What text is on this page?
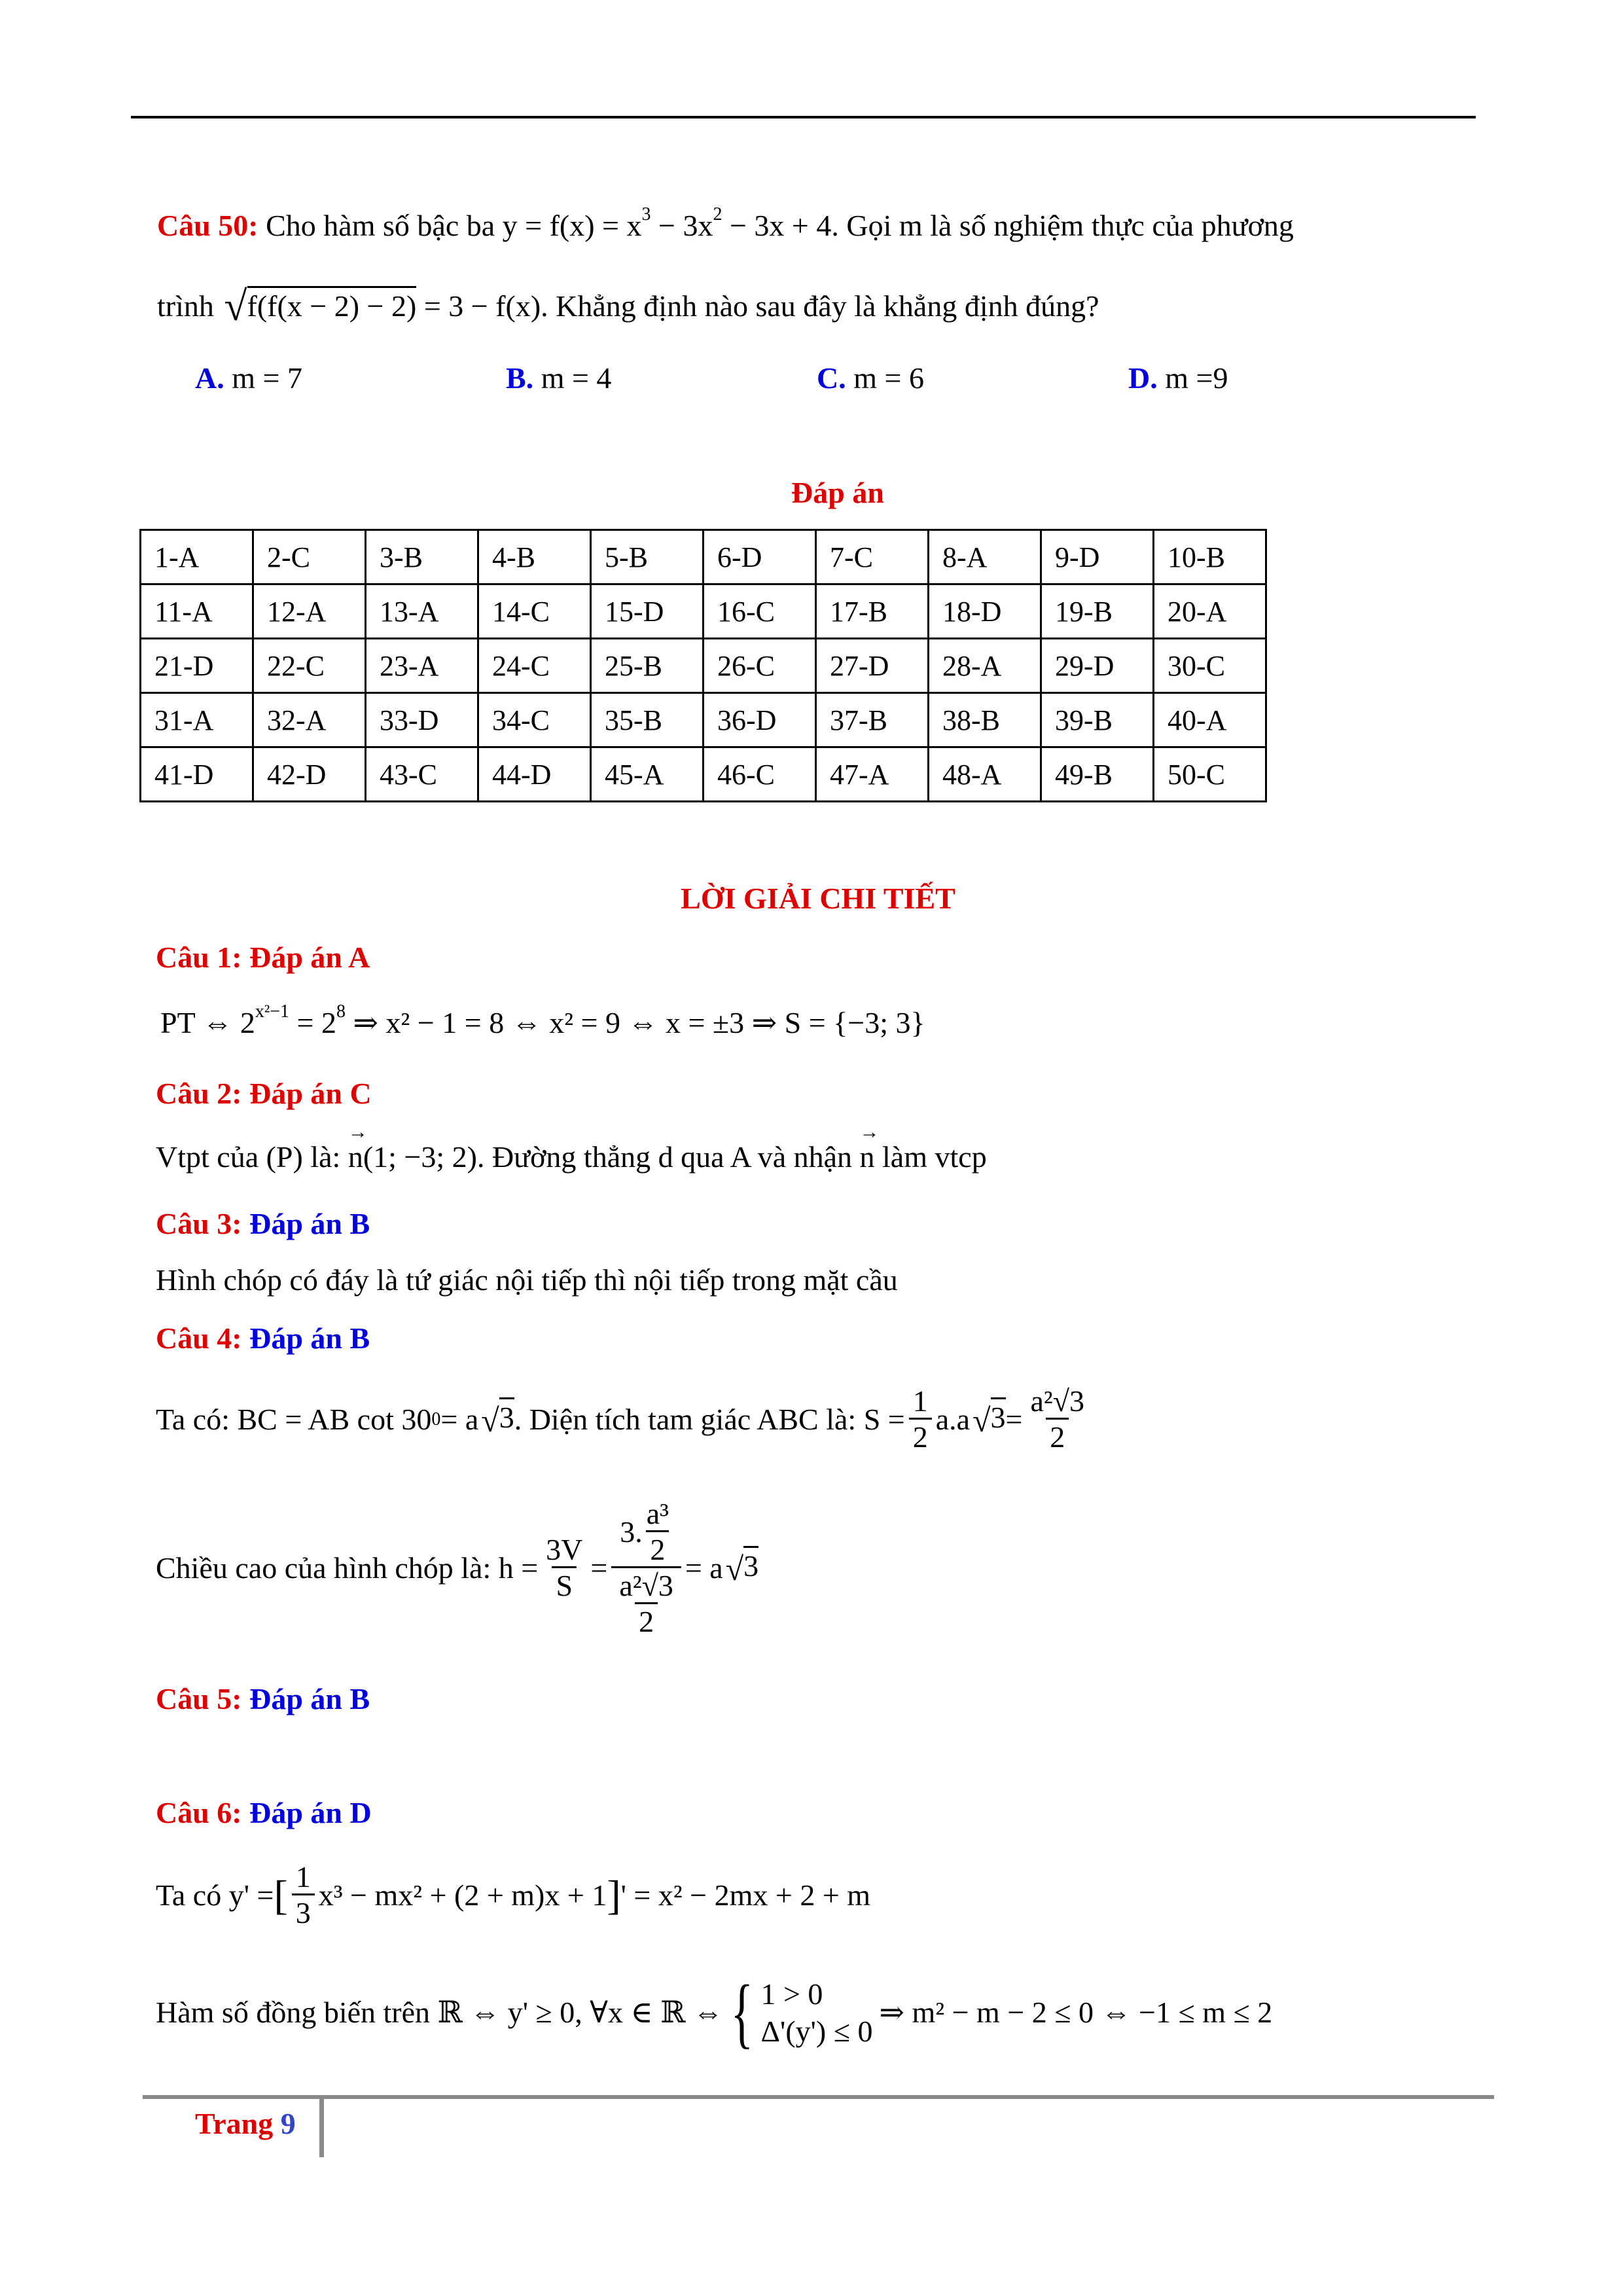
Câu 50: Cho hàm số bậc ba $y = f(x) = x^3 - 3x^2 - 3x + 4$. Gọi m là số nghiệm thực của phương
trình √f(f(x − 2) − 2) = 3 − f(x). Khẳng định nào sau đây là khẳng định đúng?
A. m = 7	B. m = 4	C. m = 6	D. m =9
Đáp án
1-A	2-C	3-B	4-B	5-B	6-D	7-C	8-A	9-D	10-B
11-A	12-A	13-A	14-C	15-D	16-C	17-B	18-D	19-B	20-A
21-D	22-C	23-A	24-C	25-B	26-C	27-D	28-A	29-D	30-C
31-A	32-A	33-D	34-C	35-B	36-D	37-B	38-B	39-B	40-A
41-D	42-D	43-C	44-D	45-A	46-C	47-A	48-A	49-B	50-C
LỜI GIẢI CHI TIẾT
Câu 1: Đáp án A
PT ⇔ $2^{x^2-1} = 2^8$ ⇒ x² − 1 = 8 ⇔ x² = 9 ⇔ x = ±3 ⇒ S = {−3; 3}
Câu 2: Đáp án C
Vtpt của (P) là: → n(1; −3; 2). Đường thẳng d qua A và nhận → n làm vtcp
Câu 3: Đáp án B
Hình chóp có đáy là tứ giác nội tiếp thì nội tiếp trong mặt cầu
Câu 4: Đáp án B
Ta có: BC = AB cot 30 0 = a √3 . Diện tích tam giác ABC là: $S = \frac{1}{2} a.a$ $√3 = \frac{\text{a²√3}}{2}$
Chiều cao của hình chóp là: $h = \frac{3V}{S} = \frac{3. \frac{\text{a³}}{2}}{\frac{\text{a²√3}}{2}} = a$ √3
Câu 5: Đáp án B
Câu 6: Đáp án D
Ta có y' = [ $\frac{1}{3} x^3 - mx^2 + (2 + m)x + 1$ ] ' = x² − 2mx + 2 + m
Hàm số đồng biến trên ℝ ⇔ y' ≥ 0, ∀x ∈ ℝ ⇔ { 1 > 0
Δ'(y') ≤ 0
⇒ m² − m − 2 ≤ 0 ⇔ −1 ≤ m ≤ 2
Trang 9
